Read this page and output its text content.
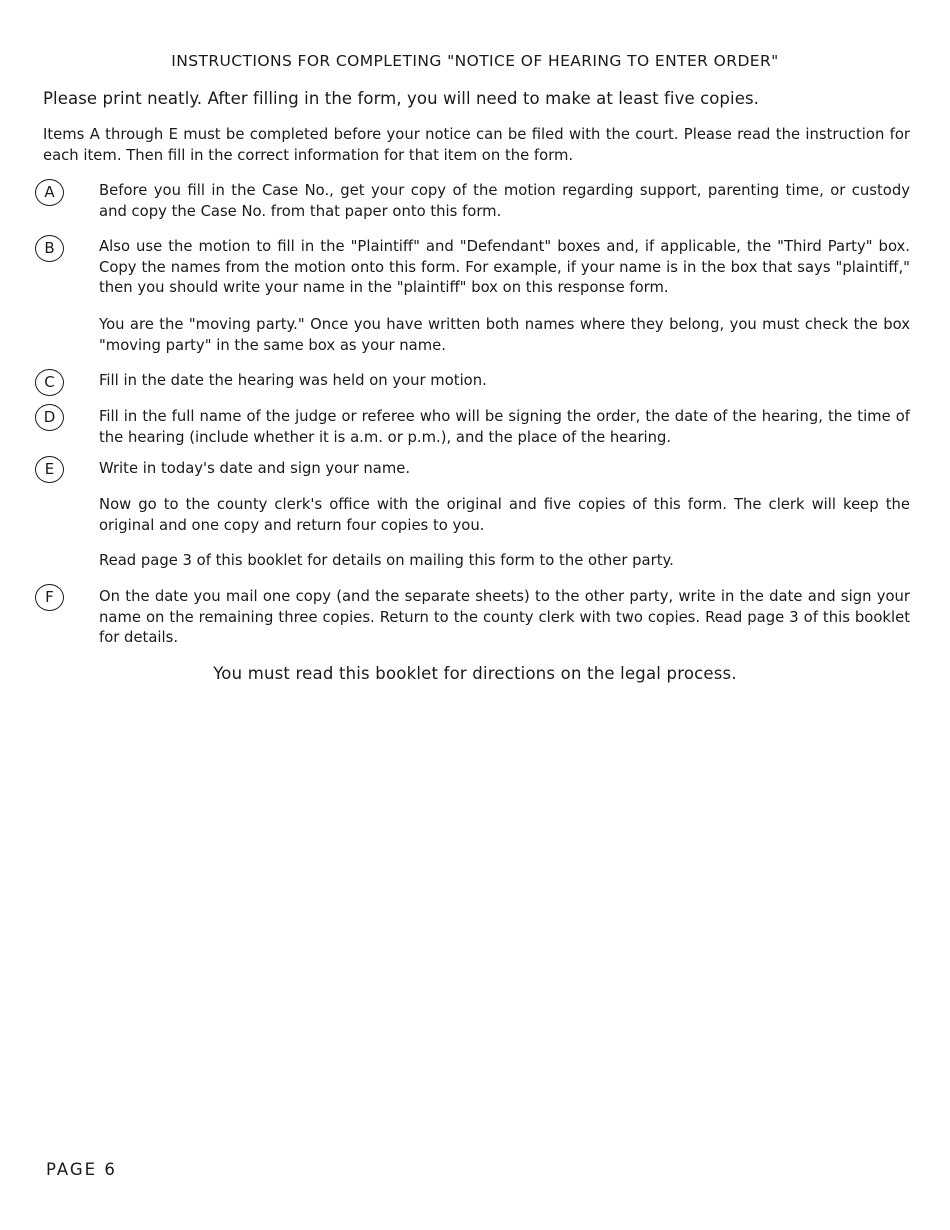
INSTRUCTIONS FOR COMPLETING "NOTICE OF HEARING TO ENTER ORDER"
Please print neatly. After filling in the form, you will need to make at least five copies.
Items A through E must be completed before your notice can be filed with the court. Please read the instruction for each item. Then fill in the correct information for that item on the form.
A	Before you fill in the Case No., get your copy of the motion regarding support, parenting time, or custody and copy the Case No. from that paper onto this form.
B	Also use the motion to fill in the "Plaintiff" and "Defendant" boxes and, if applicable, the "Third Party" box. Copy the names from the motion onto this form. For example, if your name is in the box that says "plaintiff," then you should write your name in the "plaintiff" box on this response form.
You are the "moving party." Once you have written both names where they belong, you must check the box "moving party" in the same box as your name.
C	Fill in the date the hearing was held on your motion.
D	Fill in the full name of the judge or referee who will be signing the order, the date of the hearing, the time of the hearing (include whether it is a.m. or p.m.), and the place of the hearing.
E	Write in today's date and sign your name.
Now go to the county clerk's office with the original and five copies of this form. The clerk will keep the original and one copy and return four copies to you.
Read page 3 of this booklet for details on mailing this form to the other party.
F	On the date you mail one copy (and the separate sheets) to the other party, write in the date and sign your name on the remaining three copies. Return to the county clerk with two copies. Read page 3 of this booklet for details.
You must read this booklet for directions on the legal process.
PAGE 6
